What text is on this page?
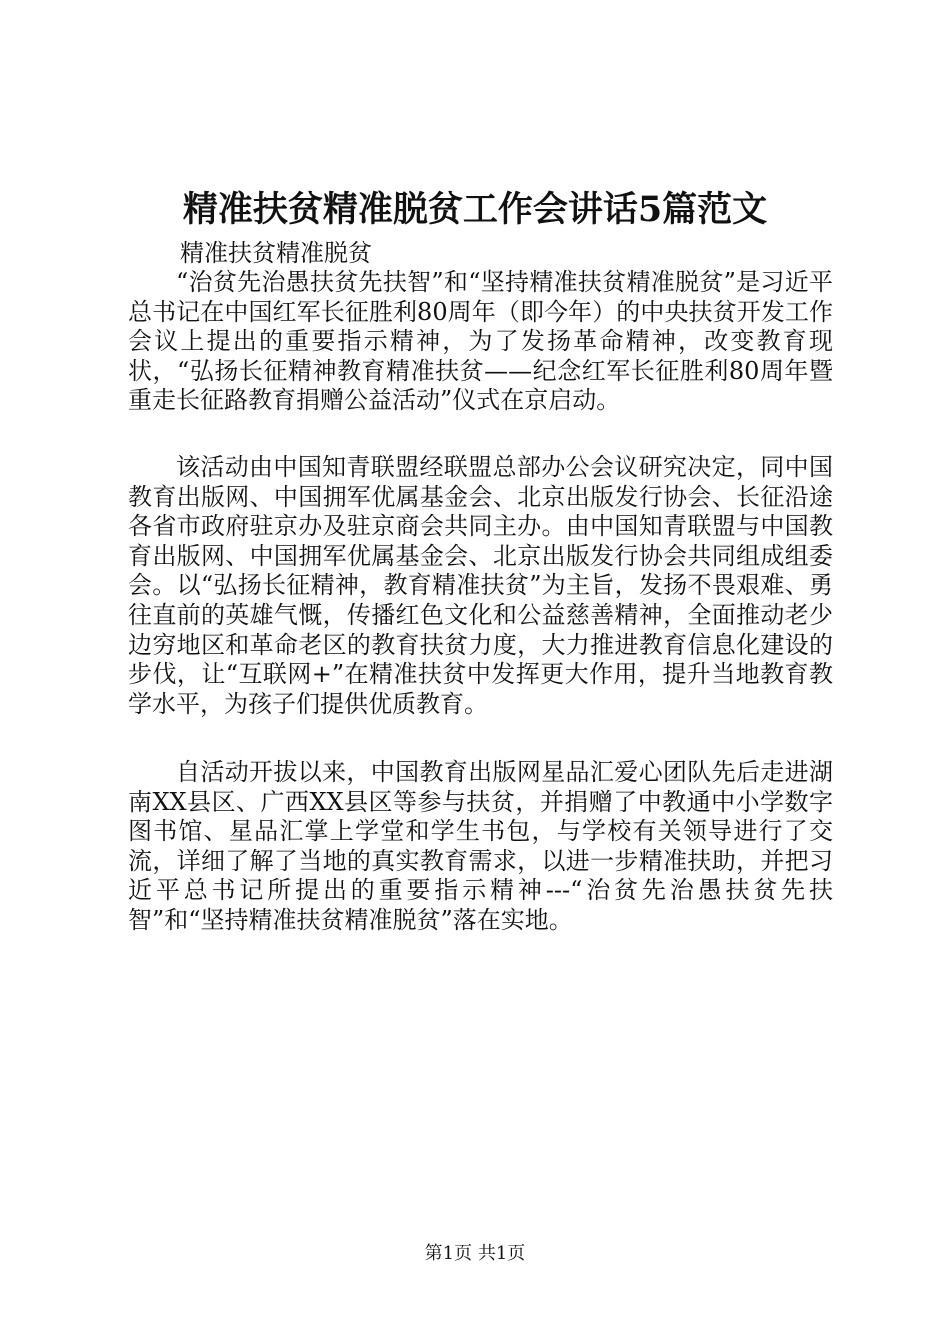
精准扶贫精准脱贫工作会讲话5篇范文

精准扶贫精准脱贫

“治贫先治愚扶贫先扶智”和“坚持精准扶贫精准脱贫”是习近平总书记在中国红军长征胜利80周年（即今年）的中央扶贫开发工作会议上提出的重要指示精神，为了发扬革命精神，改变教育现状，“弘扬长征精神教育精准扶贫——纪念红军长征胜利80周年暨重走长征路教育捐赠公益活动”仪式在京启动。

该活动由中国知青联盟经联盟总部办公会议研究决定，同中国教育出版网、中国拥军优属基金会、北京出版发行协会、长征沿途各省市政府驻京办及驻京商会共同主办。由中国知青联盟与中国教育出版网、中国拥军优属基金会、北京出版发行协会共同组成组委会。以“弘扬长征精神，教育精准扶贫”为主旨，发扬不畏艰难、勇往直前的英雄气慨，传播红色文化和公益慈善精神，全面推动老少边穷地区和革命老区的教育扶贫力度，大力推进教育信息化建设的步伐，让“互联网+”在精准扶贫中发挥更大作用，提升当地教育教学水平，为孩子们提供优质教育。

自活动开拔以来，中国教育出版网星品汇爱心团队先后走进湖南XX县区、广西XX县区等参与扶贫，并捐赠了中教通中小学数字图书馆、星品汇掌上学堂和学生书包，与学校有关领导进行了交流，详细了解了当地的真实教育需求，以进一步精准扶助，并把习近平总书记所提出的重要指示精神---“治贫先治愚扶贫先扶智”和“坚持精准扶贫精准脱贫”落在实地。

第1页 共1页
